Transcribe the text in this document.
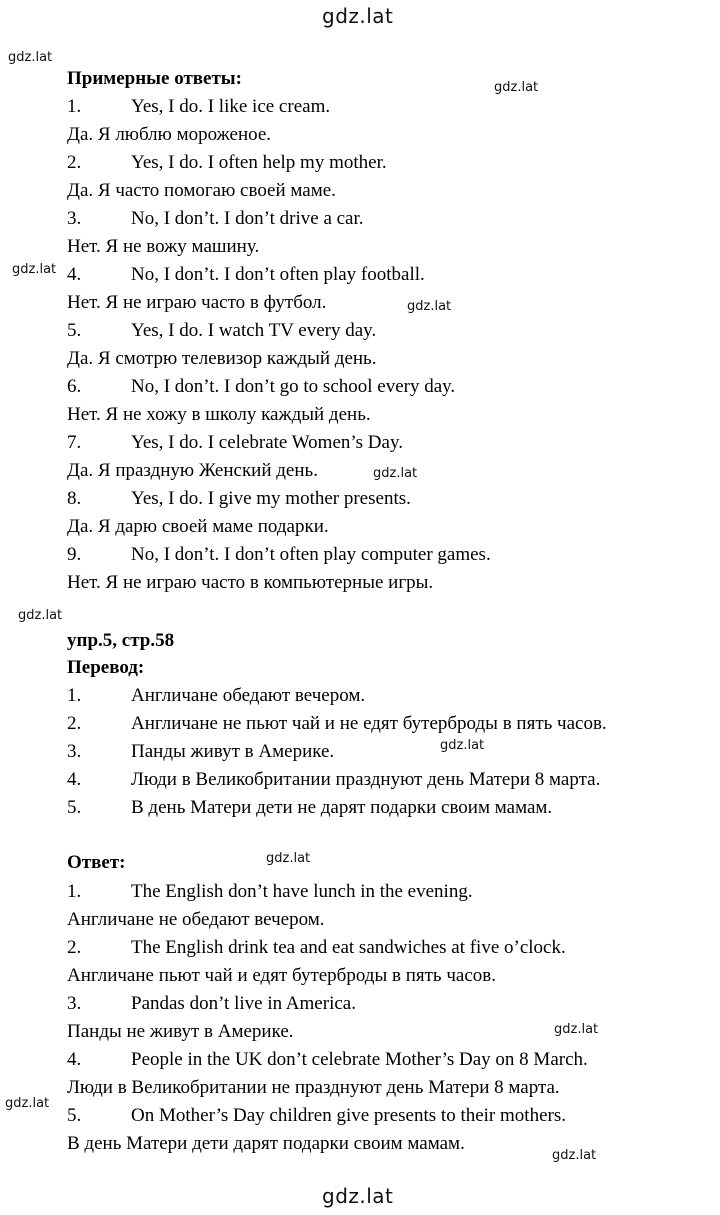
gdz.lat
gdz.lat
gdz.lat
gdz.lat
gdz.lat
gdz.lat
gdz.lat
gdz.lat
gdz.lat
gdz.lat
gdz.lat
gdz.lat
gdz.lat
Примерные ответы:
1.	Yes, I do. I like ice cream.
Да. Я люблю мороженое.
2.	Yes, I do. I often help my mother.
Да. Я часто помогаю своей маме.
3.	No, I don’t. I don’t drive a car.
Нет. Я не вожу машину.
4.	No, I don’t. I don’t often play football.
Нет. Я не играю часто в футбол.
5.	Yes, I do. I watch TV every day.
Да. Я смотрю телевизор каждый день.
6.	No, I don’t. I don’t go to school every day.
Нет. Я не хожу в школу каждый день.
7.	Yes, I do. I celebrate Women’s Day.
Да. Я праздную Женский день.
8.	Yes, I do. I give my mother presents.
Да. Я дарю своей маме подарки.
9.	No, I don’t. I don’t often play computer games.
Нет. Я не играю часто в компьютерные игры.
упр.5, стр.58
Перевод:
1.	Англичане обедают вечером.
2.	Англичане не пьют чай и не едят бутерброды в пять часов.
3.	Панды живут в Америке.
4.	Люди в Великобритании празднуют день Матери 8 марта.
5.	В день Матери дети не дарят подарки своим мамам.
Ответ:
1.	The English don’t have lunch in the evening.
Англичане не обедают вечером.
2.	The English drink tea and eat sandwiches at five o’clock.
Англичане пьют чай и едят бутерброды в пять часов.
3.	Pandas don’t live in America.
Панды не живут в Америке.
4.	People in the UK don’t celebrate Mother’s Day on 8 March.
Люди в Великобритании не празднуют день Матери 8 марта.
5.	On Mother’s Day children give presents to their mothers.
В день Матери дети дарят подарки своим мамам.
